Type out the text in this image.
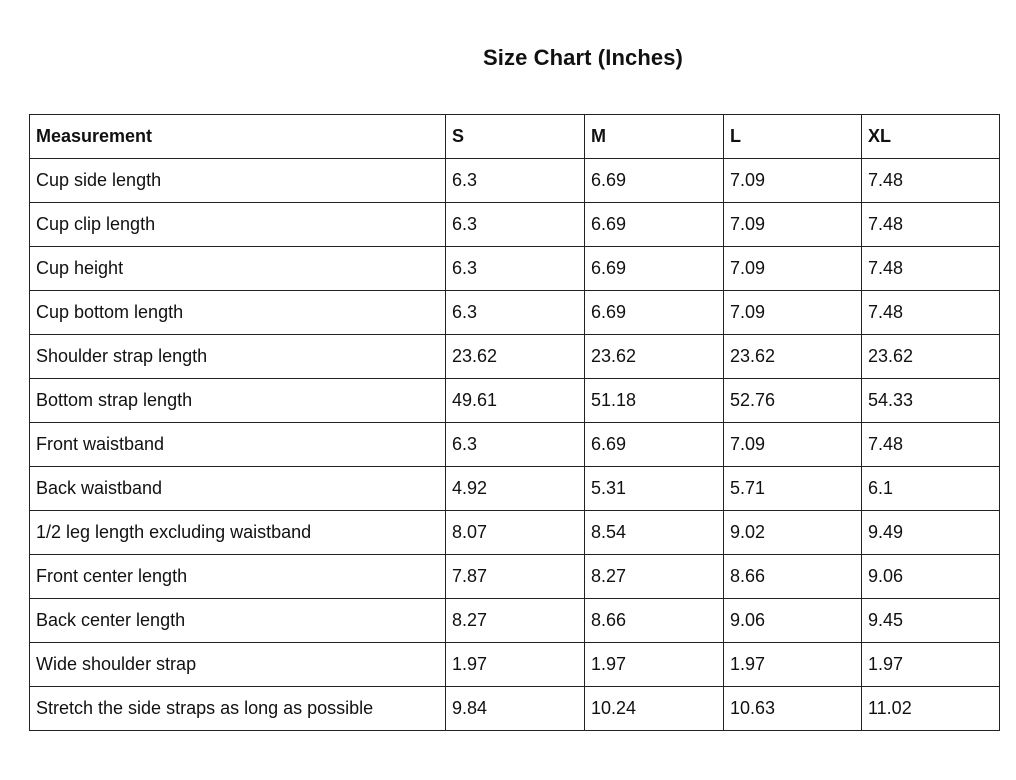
Size Chart (Inches)
Measurement	S	M	L	XL
Cup side length	6.3	6.69	7.09	7.48
Cup clip length	6.3	6.69	7.09	7.48
Cup height	6.3	6.69	7.09	7.48
Cup bottom length	6.3	6.69	7.09	7.48
Shoulder strap length	23.62	23.62	23.62	23.62
Bottom strap length	49.61	51.18	52.76	54.33
Front waistband	6.3	6.69	7.09	7.48
Back waistband	4.92	5.31	5.71	6.1
1/2 leg length excluding waistband	8.07	8.54	9.02	9.49
Front center length	7.87	8.27	8.66	9.06
Back center length	8.27	8.66	9.06	9.45
Wide shoulder strap	1.97	1.97	1.97	1.97
Stretch the side straps as long as possible	9.84	10.24	10.63	11.02
